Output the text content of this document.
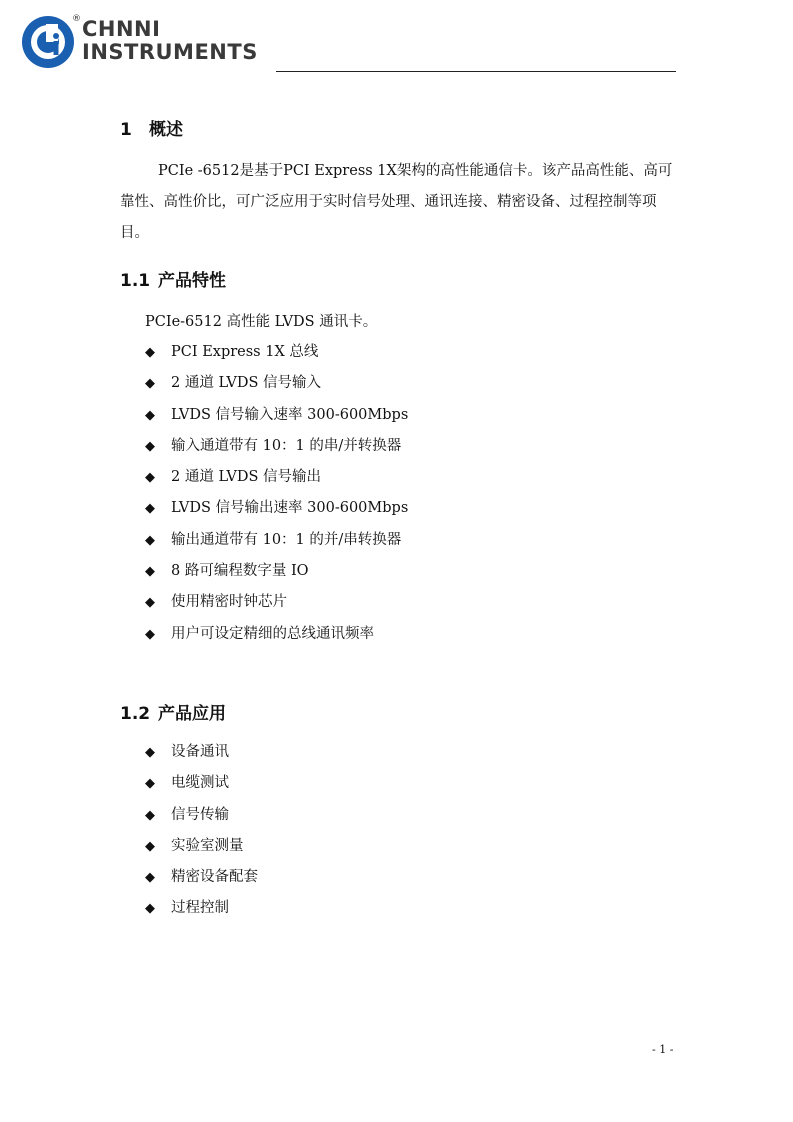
® CHNNI
INSTRUMENTS
1 概述

PCIe -6512是基于PCI Express 1X架构的高性能通信卡。该产品高性能、高可靠性、高性价比，可广泛应用于实时信号处理、通讯连接、精密设备、过程控制等项目。

1.1 产品特性
PCIe-6512 高性能 LVDS 通讯卡。
◆ PCI Express 1X 总线
◆ 2 通道 LVDS 信号输入
◆ LVDS 信号输入速率 300-600Mbps
◆ 输入通道带有 10：1 的串/并转换器
◆ 2 通道 LVDS 信号输出
◆ LVDS 信号输出速率 300-600Mbps
◆ 输出通道带有 10：1 的并/串转换器
◆ 8 路可编程数字量 IO
◆ 使用精密时钟芯片
◆ 用户可设定精细的总线通讯频率
1.2 产品应用
◆ 设备通讯
◆ 电缆测试
◆ 信号传输
◆ 实验室测量
◆ 精密设备配套
◆ 过程控制
- 1 -
